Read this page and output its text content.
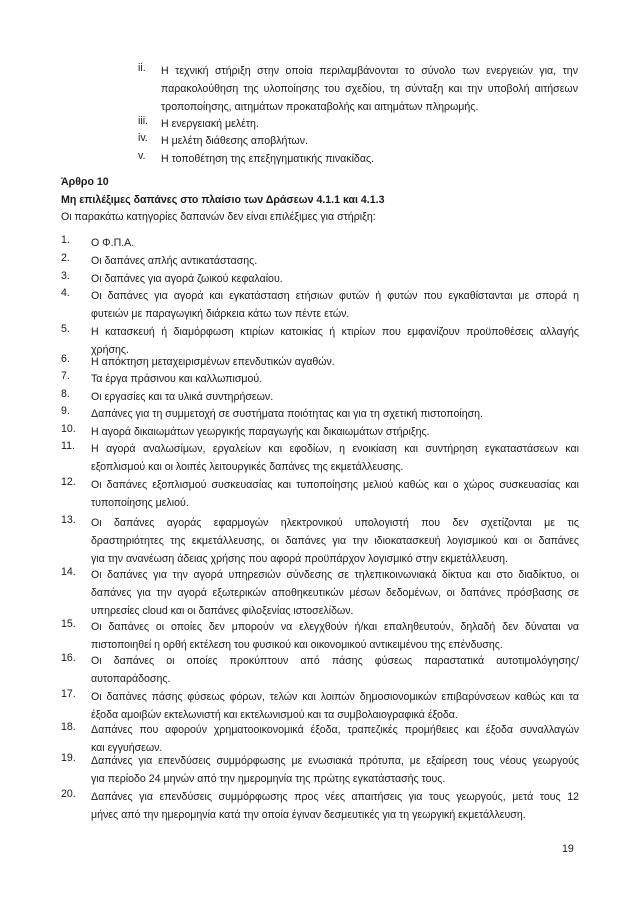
ii.	Η τεχνική στήριξη στην οποία περιλαμβάνονται το σύνολο των ενεργειών για, την
παρακολούθηση της υλοποίησης του σχεδίου, τη σύνταξη και την υποβολή αιτήσεων
τροποποίησης, αιτημάτων προκαταβολής και αιτημάτων πληρωμής.
iii.	Η ενεργειακή μελέτη.
iv.	Η μελέτη διάθεσης αποβλήτων.
v.	Η τοποθέτηση της επεξηγηματικής πινακίδας.
1. Ο Φ.Π.Α.
2. Οι δαπάνες απλής αντικατάστασης.
3. Οι δαπάνες για αγορά ζωικού κεφαλαίου.
4. Οι δαπάνες για αγορά και εγκατάσταση ετήσιων φυτών ή φυτών που εγκαθίστανται με σπορά η
φυτειών με παραγωγική διάρκεια κάτω των πέντε ετών.
5. Η κατασκευή ή διαμόρφωση κτιρίων κατοικίας ή κτιρίων που εμφανίζουν προϋποθέσεις αλλαγής
χρήσης.
6. Η απόκτηση μεταχειρισμένων επενδυτικών αγαθών.
7. Τα έργα πράσινου και καλλωπισμού.
8. Οι εργασίες και τα υλικά συντηρήσεων.
9. Δαπάνες για τη συμμετοχή σε συστήματα ποιότητας και για τη σχετική πιστοποίηση.
10. Η αγορά δικαιωμάτων γεωργικής παραγωγής και δικαιωμάτων στήριξης.
11. Η αγορά αναλωσίμων, εργαλείων και εφοδίων, η ενοικίαση και συντήρηση εγκαταστάσεων και
εξοπλισμού και οι λοιπές λειτουργικές δαπάνες της εκμετάλλευσης.
12. Οι δαπάνες εξοπλισμού συσκευασίας και τυποποίησης μελιού καθώς και ο χώρος συσκευασίας και
τυποποίησης μελιού.
13. Οι δαπάνες αγοράς εφαρμογών ηλεκτρονικού υπολογιστή που δεν σχετίζονται με τις
δραστηριότητες της εκμετάλλευσης, οι δαπάνες για την ιδιοκατασκευή λογισμικού και οι δαπάνες
για την ανανέωση άδειας χρήσης που αφορά προϋπάρχον λογισμικό στην εκμετάλλευση.
14. Οι δαπάνες για την αγορά υπηρεσιών σύνδεσης σε τηλεπικοινωνιακά δίκτυα και στο διαδίκτυο, οι
δαπάνες για την αγορά εξωτερικών αποθηκευτικών μέσων δεδομένων, οι δαπάνες πρόσβασης σε
υπηρεσίες cloud και οι δαπάνες φιλοξενίας ιστοσελίδων.
15. Οι δαπάνες οι οποίες δεν μπορούν να ελεγχθούν ή/και επαληθευτούν, δηλαδή δεν δύναται να
πιστοποιηθεί η ορθή εκτέλεση του φυσικού και οικονομικού αντικειμένου της επένδυσης.
16. Οι δαπάνες οι οποίες προκύπτουν από πάσης φύσεως παραστατικά αυτοτιμολόγησης/
αυτοπαράδοσης.
17. Οι δαπάνες πάσης φύσεως φόρων, τελών και λοιπών δημοσιονομικών επιβαρύνσεων καθώς και τα
έξοδα αμοιβών εκτελωνιστή και εκτελωνισμού και τα συμβολαιογραφικά έξοδα.
18. Δαπάνες που αφορούν χρηματοοικονομικά έξοδα, τραπεζικές προμήθειες και έξοδα συναλλαγών
και εγγυήσεων.
19. Δαπάνες για επενδύσεις συμμόρφωσης με ενωσιακά πρότυπα, με εξαίρεση τους νέους γεωργούς
για περίοδο 24 μηνών από την ημερομηνία της πρώτης εγκατάστασής τους.
20. Δαπάνες για επενδύσεις συμμόρφωσης προς νέες απαιτήσεις για τους γεωργούς, μετά τους 12
μήνες από την ημερομηνία κατά την οποία έγιναν δεσμευτικές για τη γεωργική εκμετάλλευση.
Άρθρο 10
Μη επιλέξιμες δαπάνες στο πλαίσιο των Δράσεων 4.1.1 και 4.1.3
Οι παρακάτω κατηγορίες δαπανών δεν είναι επιλέξιμες για στήριξη:
19
